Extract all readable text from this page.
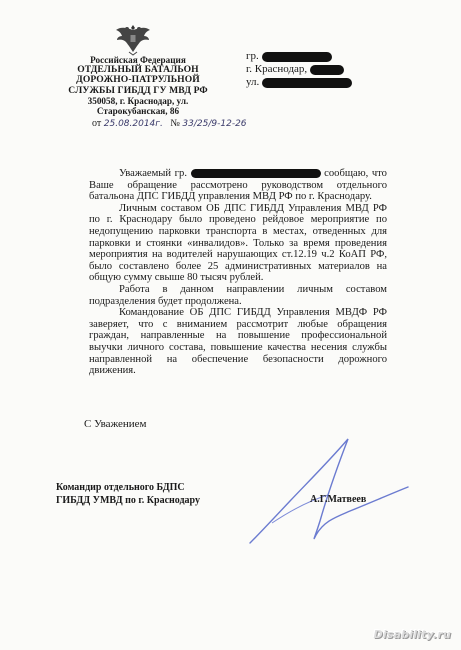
Российская Федерация
ОТДЕЛЬНЫЙ БАТАЛЬОН
ДОРОЖНО-ПАТРУЛЬНОЙ
СЛУЖБЫ ГИБДД ГУ МВД РФ
350058, г. Краснодар, ул.
Старокубанская, 86
от 25.08.2014г. № 33/25/9-12-26
гр.

г. Краснодар,

ул.

Уважаемый гр.	сообщаю, что Ваше обращение рассмотрено руководством отдельного батальона ДПС ГИБДД управления МВД РФ по г. Краснодару.

Личным составом ОБ ДПС ГИБДД Управления МВД РФ по г. Краснодару было проведено рейдовое мероприятие по недопущению парковки транспорта в местах, отведенных для парковки и стоянки «инвалидов». Только за время проведения мероприятия на водителей нарушающих ст.12.19 ч.2 КоАП РФ, было составлено более 25 административных материалов на общую сумму свыше 80 тысяч рублей.

Работа в данном направлении личным составом подразделения будет продолжена.

Командование ОБ ДПС ГИБДД Управления МВДФ РФ заверяет, что с вниманием рассмотрит любые обращения граждан, направленные на повышение профессиональной выучки личного состава, повышение качества несения службы направленной на обеспечение безопасности дорожного движения.

С Уважением
Командир отдельного БДПС
ГИБДД УМВД по г. Краснодару	А.Г.Матвеев
Disability.ru
